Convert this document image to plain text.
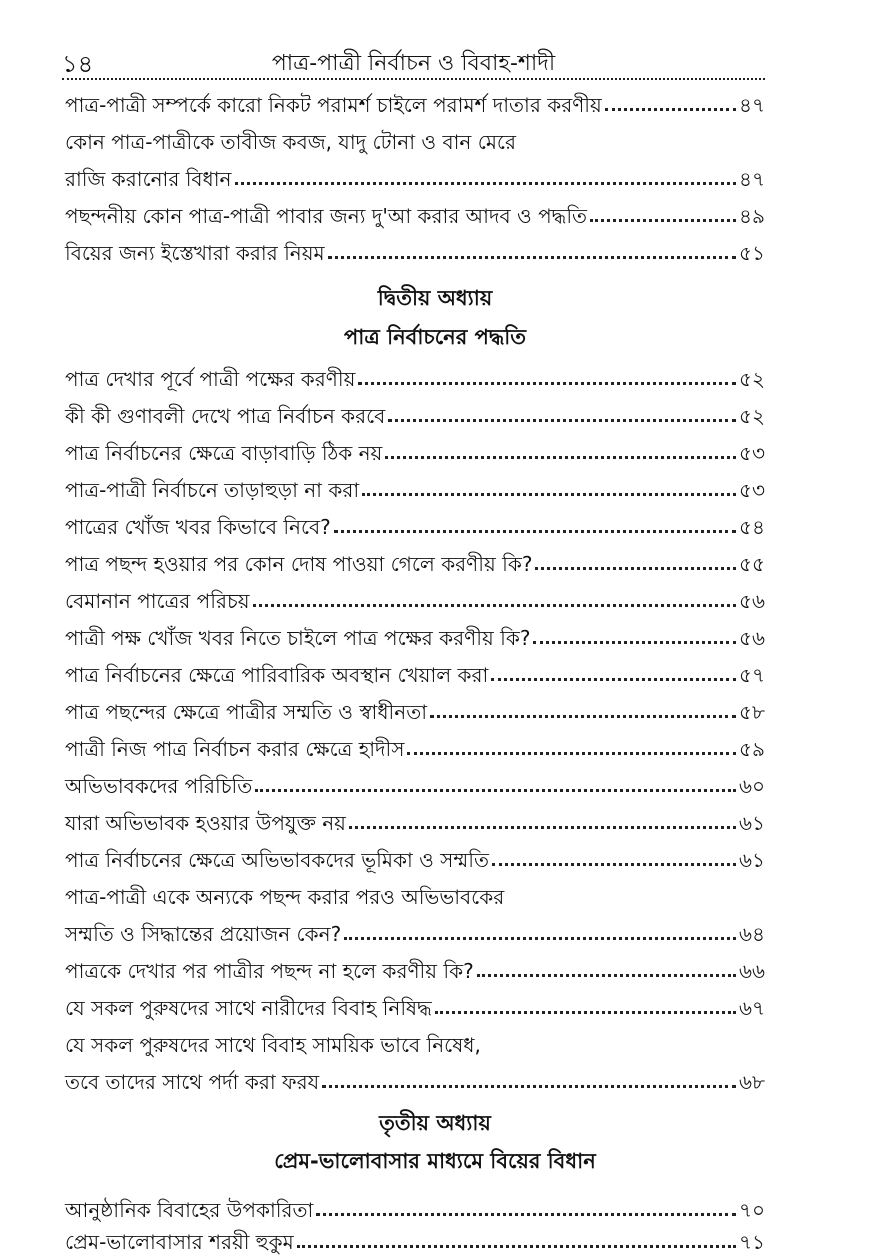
১৪	পাত্র-পাত্রী নির্বাচন ও বিবাহ-শাদী
পাত্র-পাত্রী সম্পর্কে কারো নিকট পরামর্শ চাইলে পরামর্শ দাতার করণীয়	৪৭
কোন পাত্র-পাত্রীকে তাবীজ কবজ, যাদু টোনা ও বান মেরে
রাজি করানোর বিধান	৪৭
পছন্দনীয় কোন পাত্র-পাত্রী পাবার জন্য দু'আ করার আদব ও পদ্ধতি	৪৯
বিয়ের জন্য ইস্তেখারা করার নিয়ম	৫১
দ্বিতীয় অধ্যায়
পাত্র নির্বাচনের পদ্ধতি
পাত্র দেখার পূর্বে পাত্রী পক্ষের করণীয়	৫২
কী কী গুণাবলী দেখে পাত্র নির্বাচন করবে	৫২
পাত্র নির্বাচনের ক্ষেত্রে বাড়াবাড়ি ঠিক নয়	৫৩
পাত্র-পাত্রী নির্বাচনে তাড়াহুড়া না করা	৫৩
পাত্রের খোঁজ খবর কিভাবে নিবে?	৫৪
পাত্র পছন্দ হওয়ার পর কোন দোষ পাওয়া গেলে করণীয় কি?	৫৫
বেমানান পাত্রের পরিচয়	৫৬
পাত্রী পক্ষ খোঁজ খবর নিতে চাইলে পাত্র পক্ষের করণীয় কি?	৫৬
পাত্র নির্বাচনের ক্ষেত্রে পারিবারিক অবস্থান খেয়াল করা	৫৭
পাত্র পছন্দের ক্ষেত্রে পাত্রীর সম্মতি ও স্বাধীনতা	৫৮
পাত্রী নিজ পাত্র নির্বাচন করার ক্ষেত্রে হাদীস	৫৯
অভিভাবকদের পরিচিতি	৬০
যারা অভিভাবক হওয়ার উপযুক্ত নয়	৬১
পাত্র নির্বাচনের ক্ষেত্রে অভিভাবকদের ভূমিকা ও সম্মতি	৬১
পাত্র-পাত্রী একে অন্যকে পছন্দ করার পরও অভিভাবকের
সম্মতি ও সিদ্ধান্তের প্রয়োজন কেন?	৬৪
পাত্রকে দেখার পর পাত্রীর পছন্দ না হলে করণীয় কি?	৬৬
যে সকল পুরুষদের সাথে নারীদের বিবাহ নিষিদ্ধ	৬৭
যে সকল পুরুষদের সাথে বিবাহ সাময়িক ভাবে নিষেধ,
তবে তাদের সাথে পর্দা করা ফরয	৬৮
তৃতীয় অধ্যায়
প্রেম-ভালোবাসার মাধ্যমে বিয়ের বিধান
আনুষ্ঠানিক বিবাহের উপকারিতা	৭০
প্রেম-ভালোবাসার শরয়ী হুকুম	৭১
